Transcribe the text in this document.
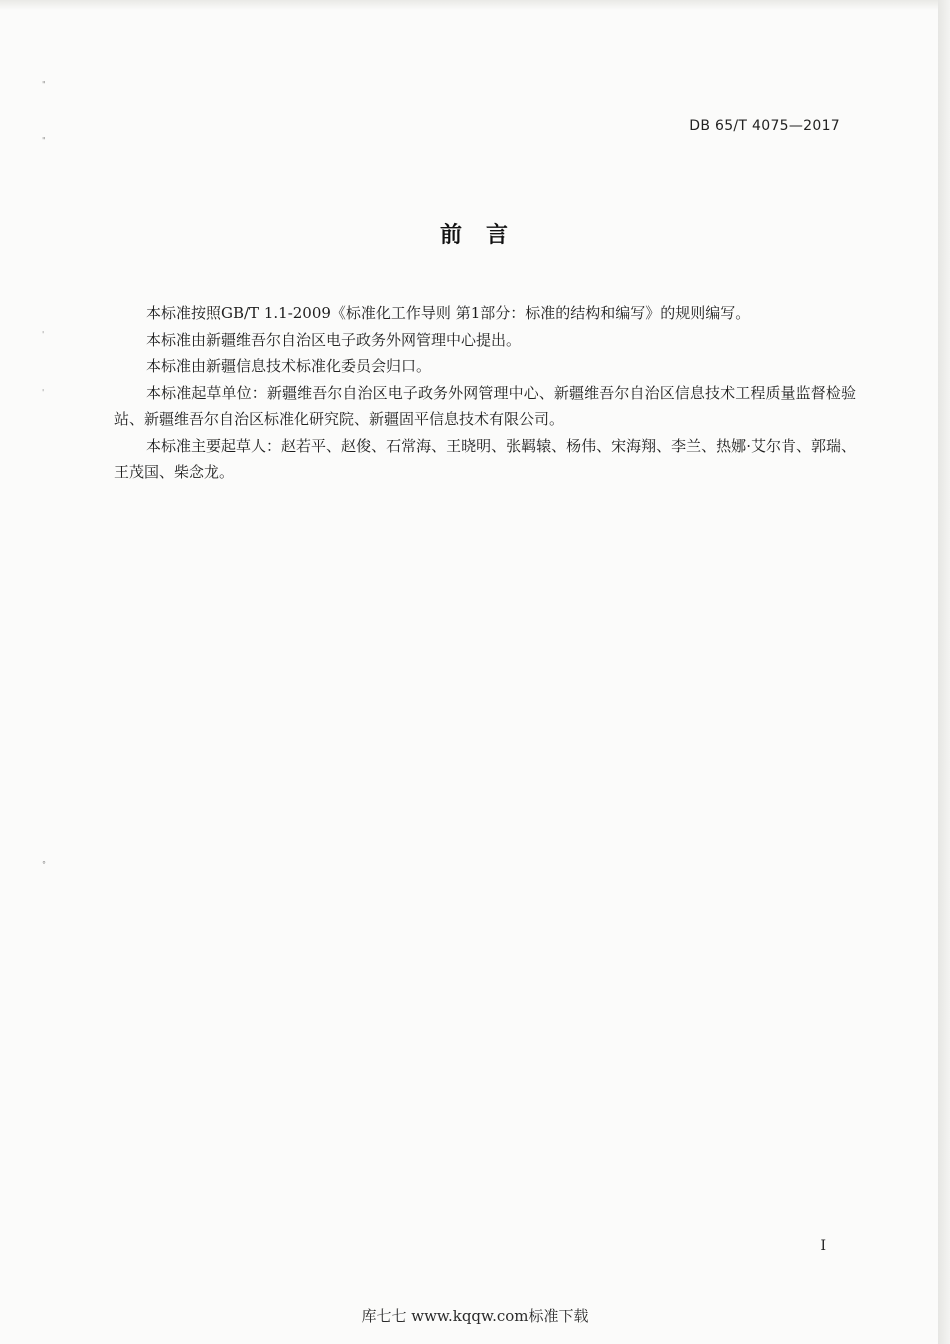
"
"
'
'
°
DB 65/T 4075—2017
前 言

本标准按照GB/T 1.1-2009《标准化工作导则 第1部分：标准的结构和编写》的规则编写。

本标准由新疆维吾尔自治区电子政务外网管理中心提出。

本标准由新疆信息技术标准化委员会归口。

本标准起草单位：新疆维吾尔自治区电子政务外网管理中心、新疆维吾尔自治区信息技术工程质量监督检验站、新疆维吾尔自治区标准化研究院、新疆固平信息技术有限公司。

本标准主要起草人：赵若平、赵俊、石常海、王晓明、张羁辕、杨伟、宋海翔、李兰、热娜·艾尔肯、郭瑞、王茂国、柴念龙。

I
库七七 www.kqqw.com标准下载
